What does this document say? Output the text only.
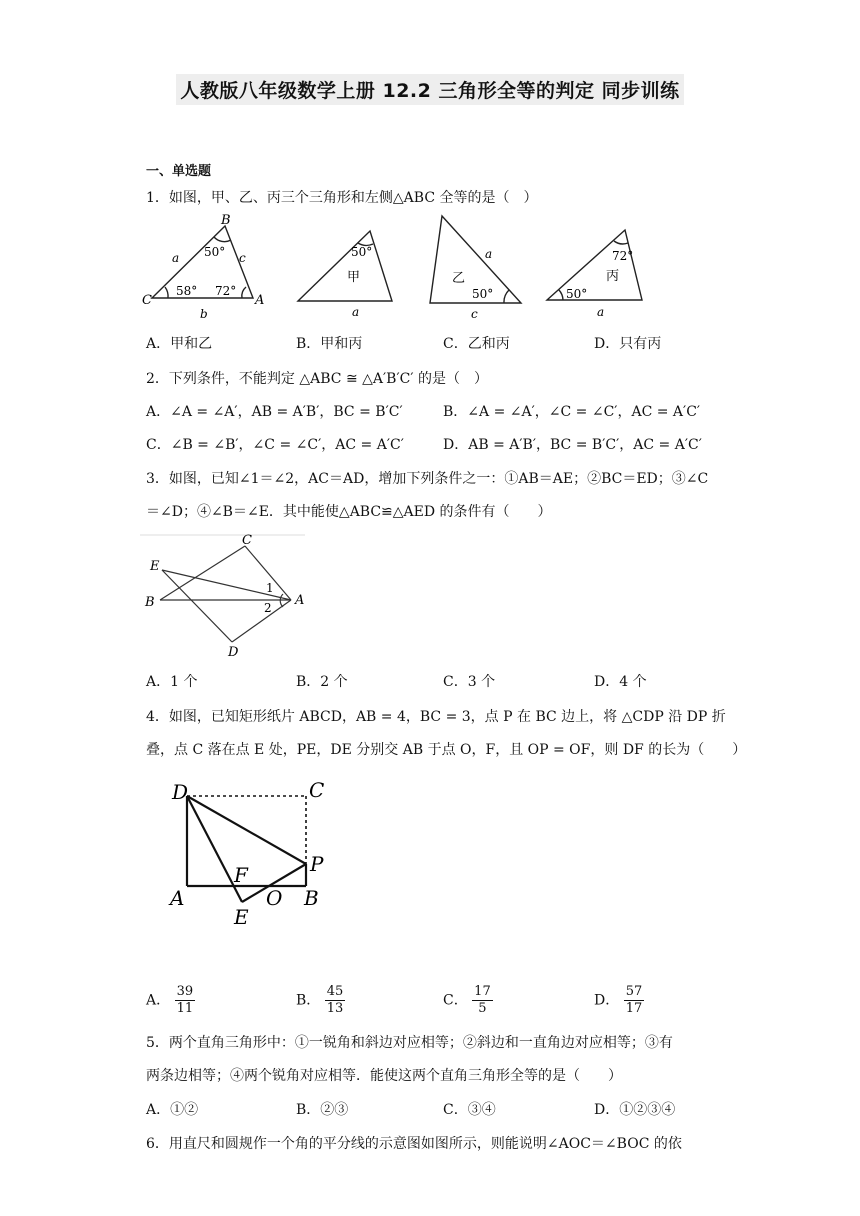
人教版八年级数学上册 12.2 三角形全等的判定 同步训练
一、单选题
1．如图，甲、乙、丙三个三角形和左侧△ABC 全等的是（　）
B
C	A
a	c
b
50°
58° 72°
50°
甲
a
乙
50°
a
c
72°
丙
50°
a
A．甲和乙	B．甲和丙	C．乙和丙	D．只有丙
2．下列条件，不能判定 △ABC ≅ △A′B′C′ 的是（　）
A．∠A = ∠A′，AB = A′B′，BC = B′C′	B．∠A = ∠A′，∠C = ∠C′，AC = A′C′
C．∠B = ∠B′，∠C = ∠C′，AC = A′C′	D．AB = A′B′，BC = B′C′，AC = A′C′
3．如图，已知∠1＝∠2，AC＝AD，增加下列条件之一：①AB＝AE；②BC＝ED；③∠C
＝∠D；④∠B＝∠E．其中能使△ABC≌△AED 的条件有（　　）
C
E
B	A
D
1
2
A．1 个	B．2 个	C．3 个	D．4 个
4．如图，已知矩形纸片 ABCD，AB = 4，BC = 3，点 P 在 BC 边上，将 △CDP 沿 DP 折
叠，点 C 落在点 E 处，PE，DE 分别交 AB 于点 O，F，且 OP = OF，则 DF 的长为（　　）
D	C
P
F
A	O B
E
A． $\frac{39}{11}$	B． $\frac{45}{13}$	C． $\frac{17}{5}$	D． $\frac{57}{17}$
5．两个直角三角形中：①一锐角和斜边对应相等；②斜边和一直角边对应相等；③有
两条边相等；④两个锐角对应相等．能使这两个直角三角形全等的是（　　）
A．①②	B．②③	C．③④	D．①②③④
6．用直尺和圆规作一个角的平分线的示意图如图所示，则能说明∠AOC＝∠BOC 的依
